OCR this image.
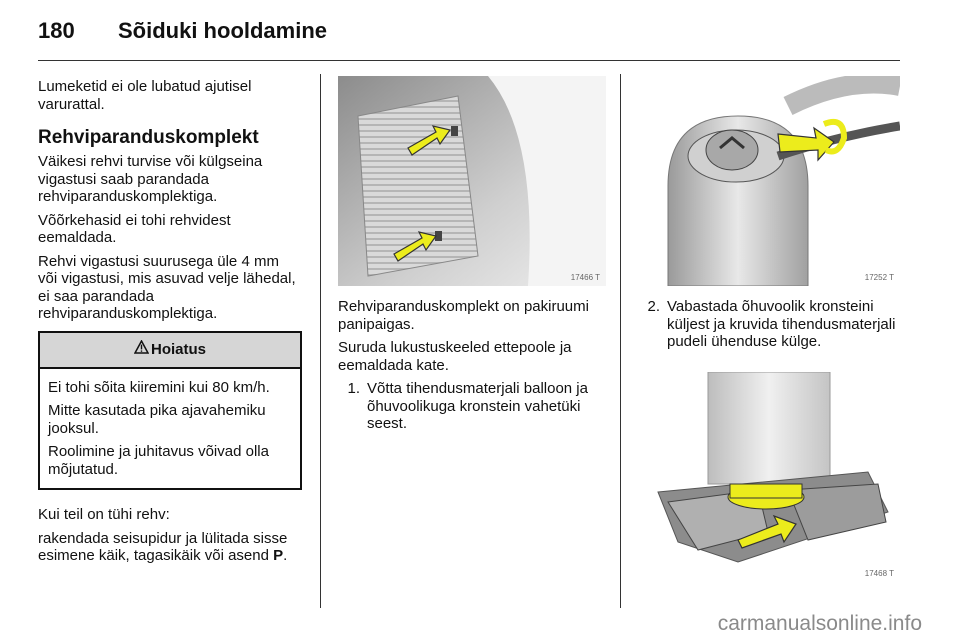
180 Sõiduki hooldamine

Lumeketid ei ole lubatud ajutisel varurattal.

Rehviparanduskomplekt

Väikesi rehvi turvise või külgseina vigastusi saab parandada rehviparanduskomplektiga.

Võõrkehasid ei tohi rehvidest eemaldada.

Rehvi vigastusi suurusega üle 4 mm või vigastusi, mis asuvad velje lähedal, ei saa parandada rehviparanduskomplektiga.

Hoiatus

Ei tohi sõita kiiremini kui 80 km/h.

Mitte kasutada pika ajavahemiku jooksul.

Roolimine ja juhitavus võivad olla mõjutatud.

Kui teil on tühi rehv:

rakendada seisupidur ja lülitada sisse esimene käik, tagasikäik või asend P.

17466 T

Rehviparanduskomplekt on pakiruumi panipaigas.

Suruda lukustuskeeled ettepoole ja eemaldada kate.

1. Võtta tihendusmaterjali balloon ja õhuvoolikuga kronstein vahetüki seest.
17252 T
2. Vabastada õhuvoolik kronsteini küljest ja kruvida tihendusmaterjali pudeli ühenduse külge.
17468 T
carmanualsonline.info
